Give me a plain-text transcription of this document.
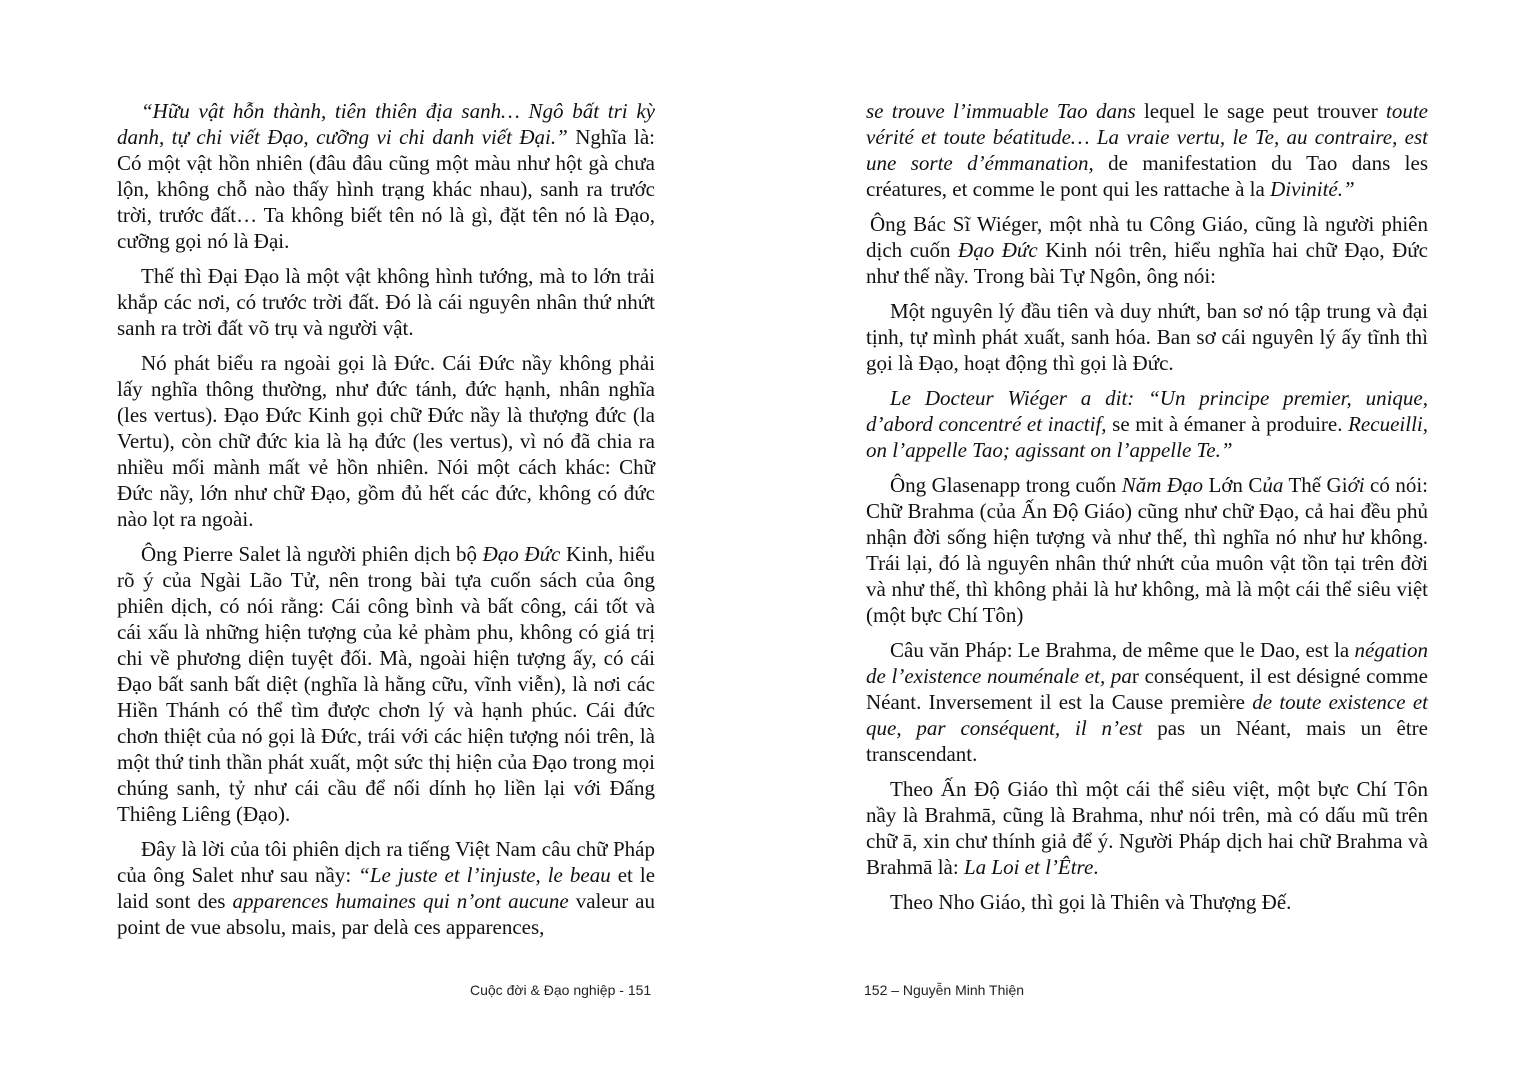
“Hữu vật hỗn thành, tiên thiên địa sanh… Ngô bất tri kỳ danh, tự chi viết Đạo, cưỡng vi chi danh viết Đại.” Nghĩa là: Có một vật hồn nhiên (đâu đâu cũng một màu như hột gà chưa lộn, không chỗ nào thấy hình trạng khác nhau), sanh ra trước trời, trước đất… Ta không biết tên nó là gì, đặt tên nó là Đạo, cưỡng gọi nó là Đại.

Thế thì Đại Đạo là một vật không hình tướng, mà to lớn trải khắp các nơi, có trước trời đất. Đó là cái nguyên nhân thứ nhứt sanh ra trời đất võ trụ và người vật.

Nó phát biểu ra ngoài gọi là Đức. Cái Đức nầy không phải lấy nghĩa thông thường, như đức tánh, đức hạnh, nhân nghĩa (les vertus). Đạo Đức Kinh gọi chữ Đức nầy là thượng đức (la Vertu), còn chữ đức kia là hạ đức (les vertus), vì nó đã chia ra nhiều mối mành mất vẻ hồn nhiên. Nói một cách khác: Chữ Đức nầy, lớn như chữ Đạo, gồm đủ hết các đức, không có đức nào lọt ra ngoài.

Ông Pierre Salet là người phiên dịch bộ Đạo Đức Kinh, hiểu rõ ý của Ngài Lão Tử, nên trong bài tựa cuốn sách của ông phiên dịch, có nói rằng: Cái công bình và bất công, cái tốt và cái xấu là những hiện tượng của kẻ phàm phu, không có giá trị chi về phương diện tuyệt đối. Mà, ngoài hiện tượng ấy, có cái Đạo bất sanh bất diệt (nghĩa là hằng cữu, vĩnh viễn), là nơi các Hiền Thánh có thể tìm được chơn lý và hạnh phúc. Cái đức chơn thiệt của nó gọi là Đức, trái với các hiện tượng nói trên, là một thứ tinh thần phát xuất, một sức thị hiện của Đạo trong mọi chúng sanh, tỷ như cái cầu để nối dính họ liền lại với Đấng Thiêng Liêng (Đạo).

Đây là lời của tôi phiên dịch ra tiếng Việt Nam câu chữ Pháp của ông Salet như sau nầy: “Le juste et l’injuste, le beau et le laid sont des apparences humaines qui n’ont aucune valeur au point de vue absolu, mais, par delà ces apparences,

Cuộc đời & Đạo nghiệp - 151

se trouve l’immuable Tao dans lequel le sage peut trouver toute vérité et toute béatitude… La vraie vertu, le Te, au contraire, est une sorte d’émmanation, de manifestation du Tao dans les créatures, et comme le pont qui les rattache à la Divinité.”

Ông Bác Sĩ Wiéger, một nhà tu Công Giáo, cũng là người phiên dịch cuốn Đạo Đức Kinh nói trên, hiểu nghĩa hai chữ Đạo, Đức như thế nầy. Trong bài Tự Ngôn, ông nói:

Một nguyên lý đầu tiên và duy nhứt, ban sơ nó tập trung và đại tịnh, tự mình phát xuất, sanh hóa. Ban sơ cái nguyên lý ấy tĩnh thì gọi là Đạo, hoạt động thì gọi là Đức.

Le Docteur Wiéger a dit: “Un principe premier, unique, d’abord concentré et inactif, se mit à émaner à produire. Recueilli, on l’appelle Tao; agissant on l’appelle Te.”

Ông Glasenapp trong cuốn Năm Đạo Lớn Của Thế Giới có nói: Chữ Brahma (của Ấn Độ Giáo) cũng như chữ Đạo, cả hai đều phủ nhận đời sống hiện tượng và như thế, thì nghĩa nó như hư không. Trái lại, đó là nguyên nhân thứ nhứt của muôn vật tồn tại trên đời và như thế, thì không phải là hư không, mà là một cái thể siêu việt (một bực Chí Tôn)

Câu văn Pháp: Le Brahma, de même que le Dao, est la négation de l’existence nouménale et, par conséquent, il est désigné comme Néant. Inversement il est la Cause première de toute existence et que, par conséquent, il n’est pas un Néant, mais un être transcendant.

Theo Ấn Độ Giáo thì một cái thể siêu việt, một bực Chí Tôn nầy là Brahmā, cũng là Brahma, như nói trên, mà có dấu mũ trên chữ ā, xin chư thính giả để ý. Người Pháp dịch hai chữ Brahma và Brahmā là: La Loi et l’Être.

Theo Nho Giáo, thì gọi là Thiên và Thượng Đế.

152 – Nguyễn Minh Thiện
